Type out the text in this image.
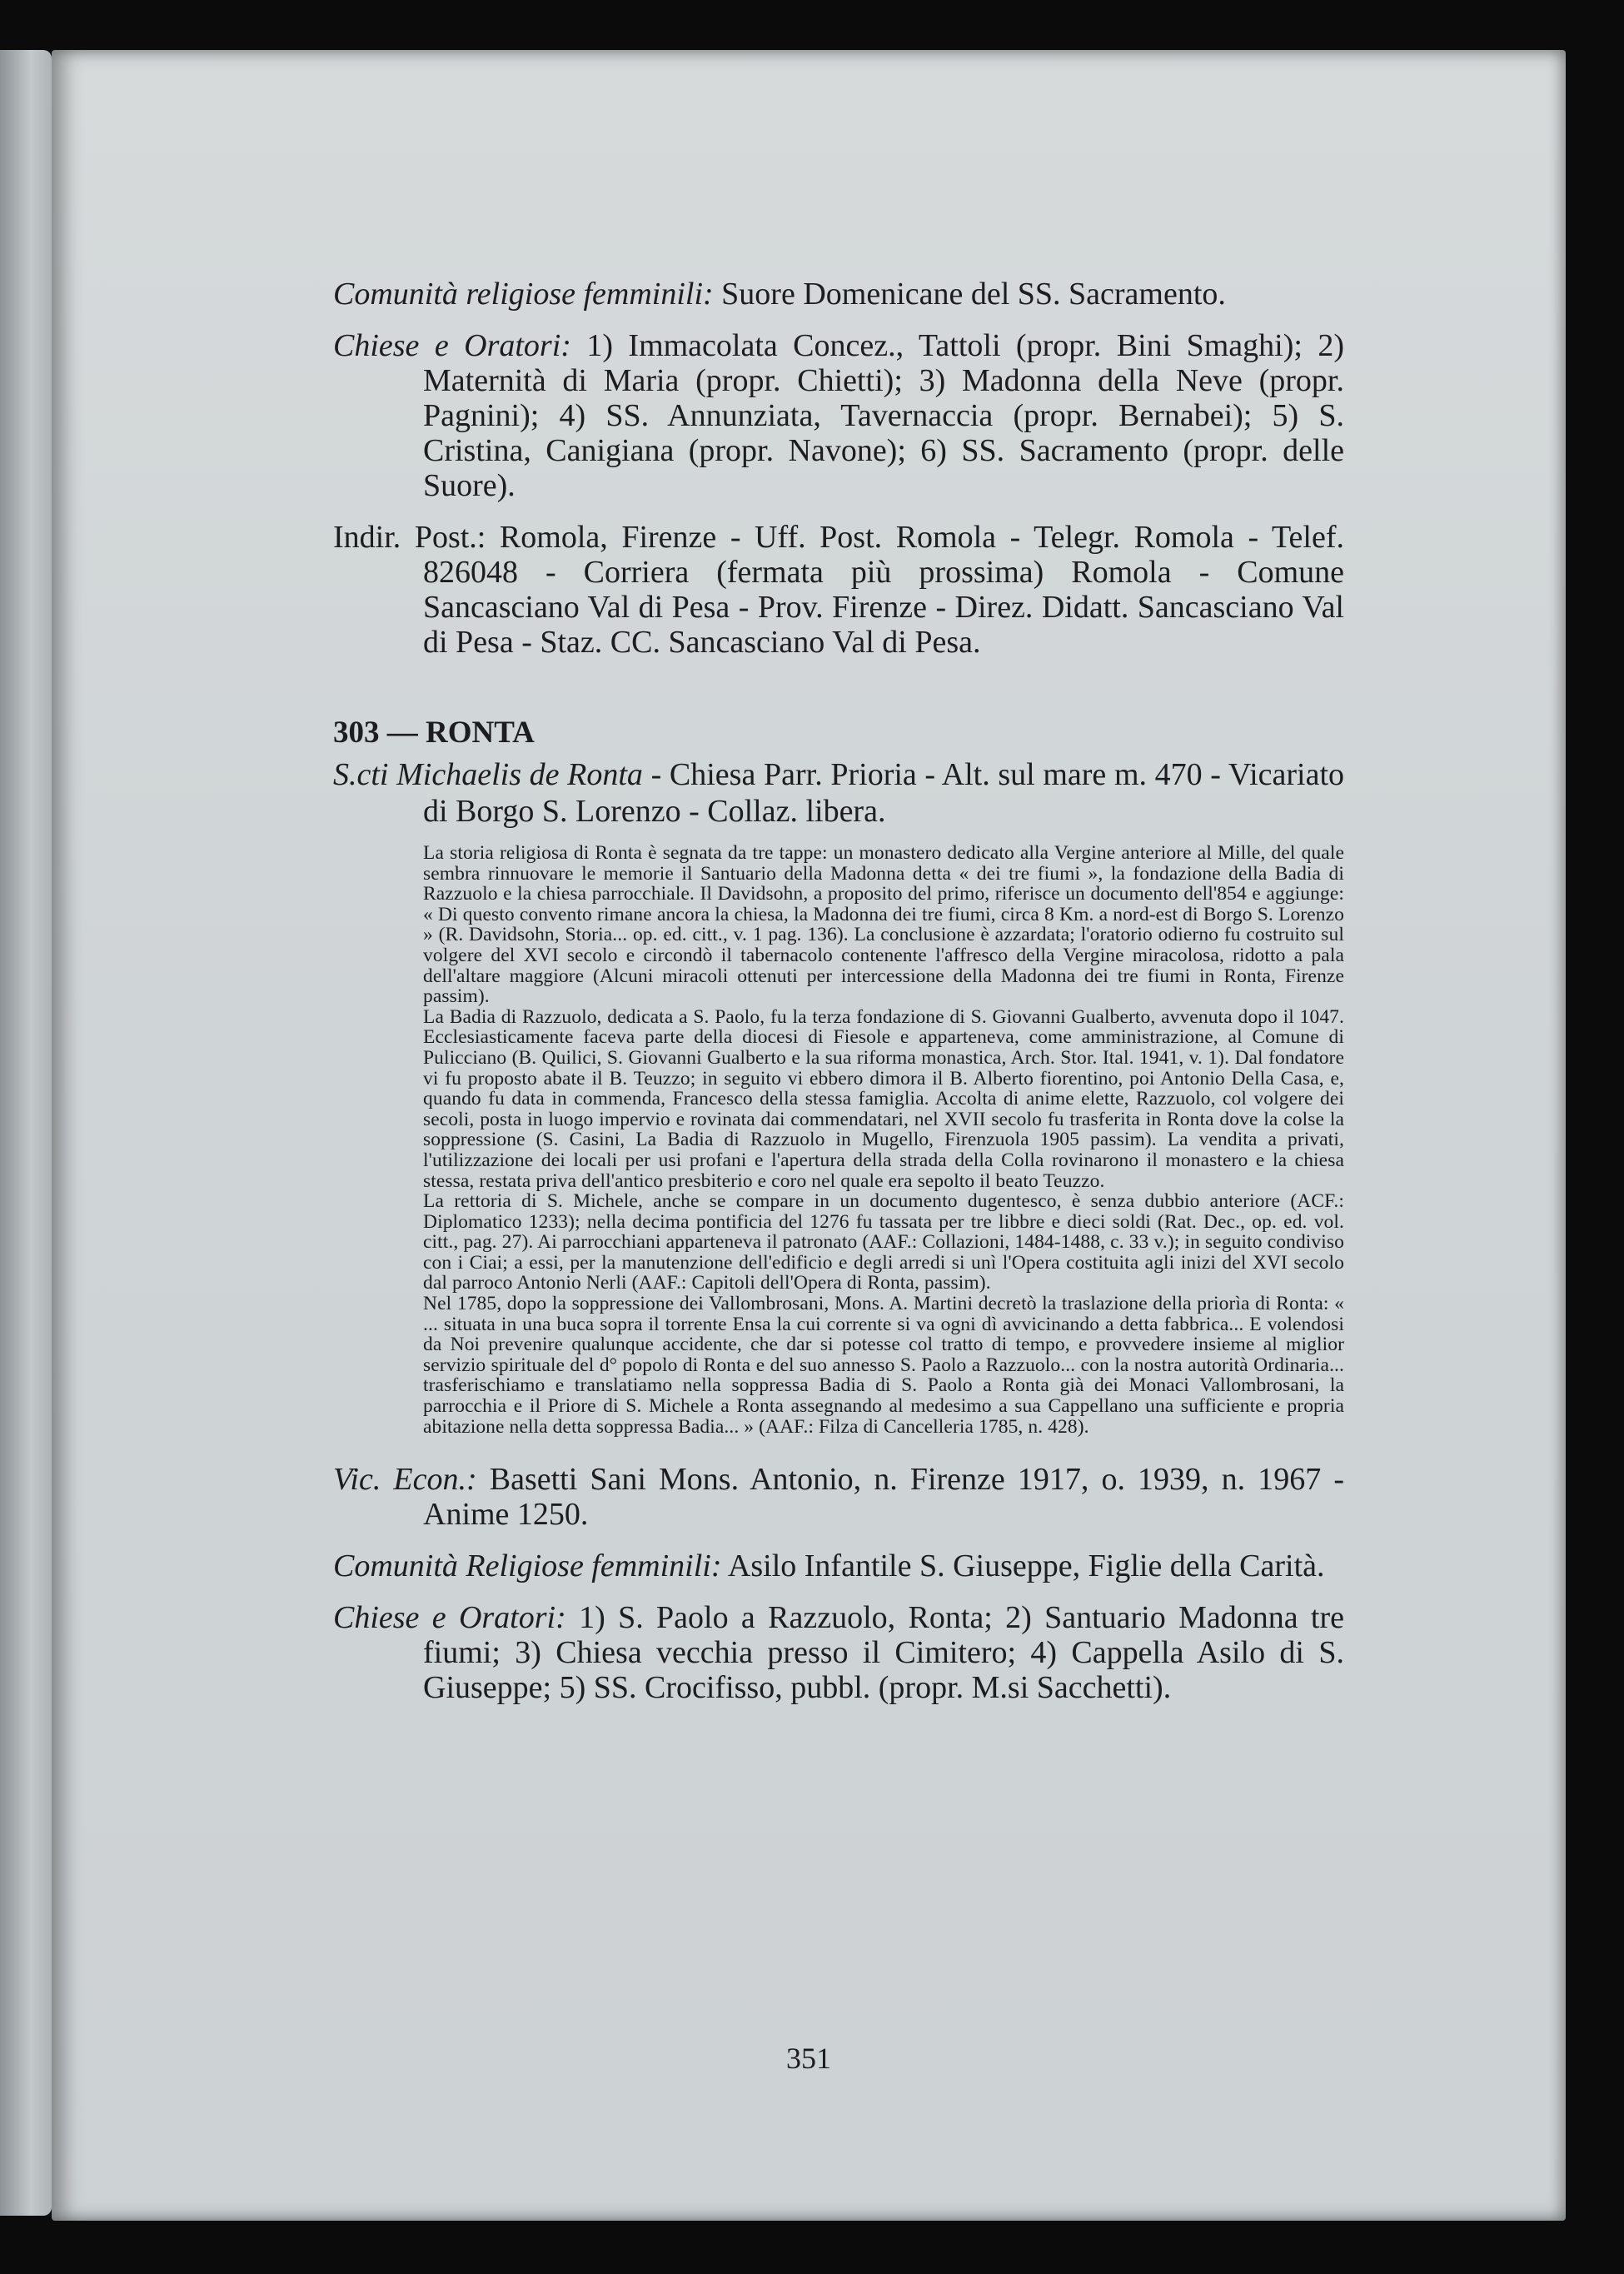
Comunità religiose femminili: Suore Domenicane del SS. Sacramento.

Chiese e Oratori: 1) Immacolata Concez., Tattoli (propr. Bini Smaghi); 2) Maternità di Maria (propr. Chietti); 3) Madonna della Neve (propr. Pagnini); 4) SS. Annunziata, Tavernaccia (propr. Bernabei); 5) S. Cristina, Canigiana (propr. Navone); 6) SS. Sacramento (propr. delle Suore).

Indir. Post.: Romola, Firenze - Uff. Post. Romola - Telegr. Romola - Telef. 826048 - Corriera (fermata più prossima) Romola - Comune Sancasciano Val di Pesa - Prov. Firenze - Direz. Didatt. Sancasciano Val di Pesa - Staz. CC. Sancasciano Val di Pesa.

303 — RONTA

S.cti Michaelis de Ronta - Chiesa Parr. Prioria - Alt. sul mare m. 470 - Vicariato di Borgo S. Lorenzo - Collaz. libera.

La storia religiosa di Ronta è segnata da tre tappe: un monastero dedicato alla Vergine anteriore al Mille, del quale sembra rinnuovare le memorie il Santuario della Madonna detta « dei tre fiumi », la fondazione della Badia di Razzuolo e la chiesa parrocchiale. Il Davidsohn, a proposito del primo, riferisce un documento dell'854 e aggiunge: « Di questo convento rimane ancora la chiesa, la Madonna dei tre fiumi, circa 8 Km. a nord-est di Borgo S. Lorenzo » (R. Davidsohn, Storia... op. ed. citt., v. 1 pag. 136). La conclusione è azzardata; l'oratorio odierno fu costruito sul volgere del XVI secolo e circondò il tabernacolo contenente l'affresco della Vergine miracolosa, ridotto a pala dell'altare maggiore (Alcuni miracoli ottenuti per intercessione della Madonna dei tre fiumi in Ronta, Firenze passim).

La Badia di Razzuolo, dedicata a S. Paolo, fu la terza fondazione di S. Giovanni Gualberto, avvenuta dopo il 1047. Ecclesiasticamente faceva parte della diocesi di Fiesole e apparteneva, come amministrazione, al Comune di Pulicciano (B. Quilici, S. Giovanni Gualberto e la sua riforma monastica, Arch. Stor. Ital. 1941, v. 1). Dal fondatore vi fu proposto abate il B. Teuzzo; in seguito vi ebbero dimora il B. Alberto fiorentino, poi Antonio Della Casa, e, quando fu data in commenda, Francesco della stessa famiglia. Accolta di anime elette, Razzuolo, col volgere dei secoli, posta in luogo impervio e rovinata dai commendatari, nel XVII secolo fu trasferita in Ronta dove la colse la soppressione (S. Casini, La Badia di Razzuolo in Mugello, Firenzuola 1905 passim). La vendita a privati, l'utilizzazione dei locali per usi profani e l'apertura della strada della Colla rovinarono il monastero e la chiesa stessa, restata priva dell'antico presbiterio e coro nel quale era sepolto il beato Teuzzo.

La rettoria di S. Michele, anche se compare in un documento dugentesco, è senza dubbio anteriore (ACF.: Diplomatico 1233); nella decima pontificia del 1276 fu tassata per tre libbre e dieci soldi (Rat. Dec., op. ed. vol. citt., pag. 27). Ai parrocchiani apparteneva il patronato (AAF.: Collazioni, 1484-1488, c. 33 v.); in seguito condiviso con i Ciai; a essi, per la manutenzione dell'edificio e degli arredi si unì l'Opera costituita agli inizi del XVI secolo dal parroco Antonio Nerli (AAF.: Capitoli dell'Opera di Ronta, passim).

Nel 1785, dopo la soppressione dei Vallombrosani, Mons. A. Martini decretò la traslazione della priorìa di Ronta: « ... situata in una buca sopra il torrente Ensa la cui corrente si va ogni dì avvicinando a detta fabbrica... E volendosi da Noi prevenire qualunque accidente, che dar si potesse col tratto di tempo, e provvedere insieme al miglior servizio spirituale del d° popolo di Ronta e del suo annesso S. Paolo a Razzuolo... con la nostra autorità Ordinaria... trasferischiamo e translatiamo nella soppressa Badia di S. Paolo a Ronta già dei Monaci Vallombrosani, la parrocchia e il Priore di S. Michele a Ronta assegnando al medesimo a sua Cappellano una sufficiente e propria abitazione nella detta soppressa Badia... » (AAF.: Filza di Cancelleria 1785, n. 428).

Vic. Econ.: Basetti Sani Mons. Antonio, n. Firenze 1917, o. 1939, n. 1967 - Anime 1250.

Comunità Religiose femminili: Asilo Infantile S. Giuseppe, Figlie della Carità.

Chiese e Oratori: 1) S. Paolo a Razzuolo, Ronta; 2) Santuario Madonna tre fiumi; 3) Chiesa vecchia presso il Cimitero; 4) Cappella Asilo di S. Giuseppe; 5) SS. Crocifisso, pubbl. (propr. M.si Sacchetti).

351
